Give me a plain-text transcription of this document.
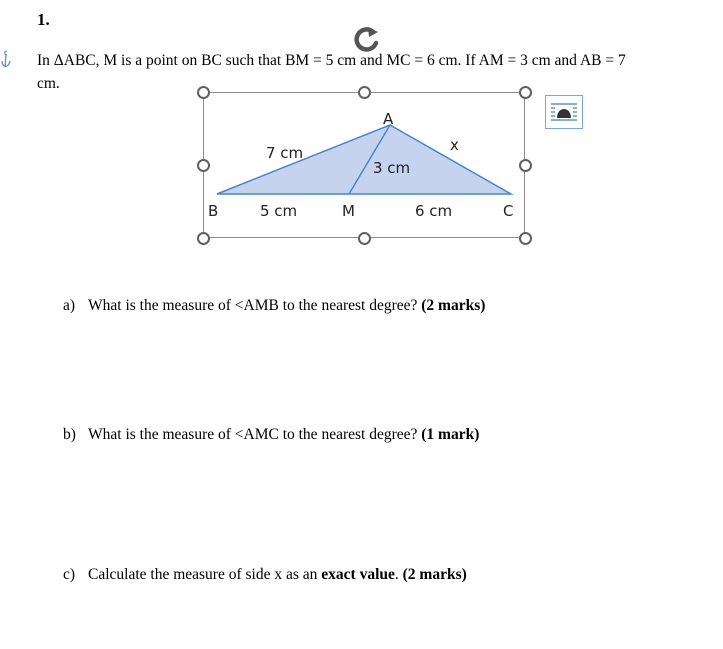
1.
In ΔABC, M is a point on BC such that BM = 5 cm and MC = 6 cm. If AM = 3 cm and AB = 7
cm.
A
B	C
M
7 cm
3 cm
x
5 cm	6 cm
a) What is the measure of <AMB to the nearest degree? (2 marks)
b) What is the measure of <AMC to the nearest degree? (1 mark)
c) Calculate the measure of side x as an exact value. (2 marks)
